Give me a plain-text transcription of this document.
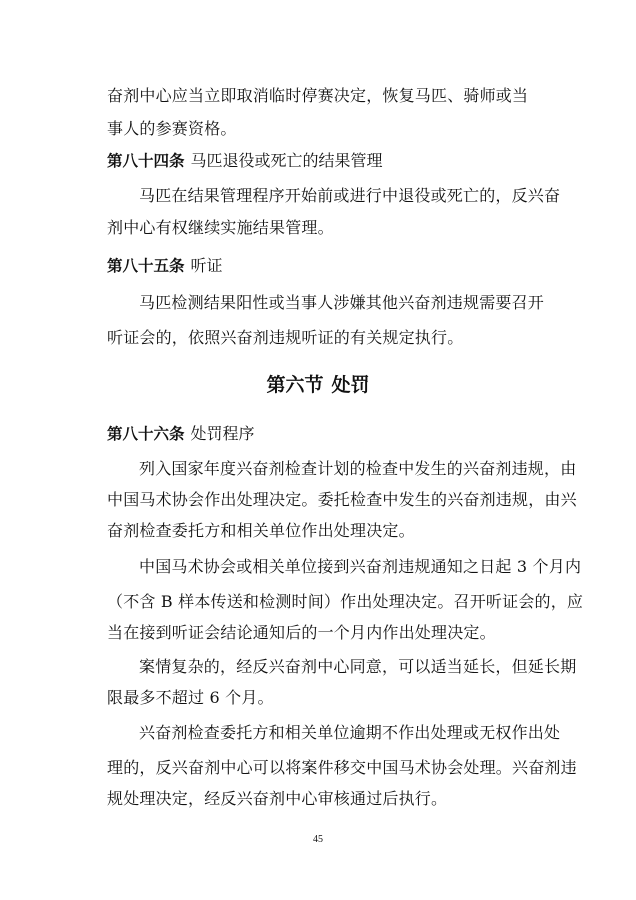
奋剂中心应当立即取消临时停赛决定，恢复马匹、骑师或当
事人的参赛资格。
第八十四条 马匹退役或死亡的结果管理
马匹在结果管理程序开始前或进行中退役或死亡的，反兴奋
剂中心有权继续实施结果管理。
第八十五条 听证
马匹检测结果阳性或当事人涉嫌其他兴奋剂违规需要召开
听证会的，依照兴奋剂违规听证的有关规定执行。
第六节 处罚
第八十六条 处罚程序
列入国家年度兴奋剂检查计划的检查中发生的兴奋剂违规，由
中国马术协会作出处理决定。委托检查中发生的兴奋剂违规，由兴
奋剂检查委托方和相关单位作出处理决定。
中国马术协会或相关单位接到兴奋剂违规通知之日起 3 个月内
（不含 B 样本传送和检测时间）作出处理决定。召开听证会的，应
当在接到听证会结论通知后的一个月内作出处理决定。
案情复杂的，经反兴奋剂中心同意，可以适当延长，但延长期
限最多不超过 6 个月。
兴奋剂检查委托方和相关单位逾期不作出处理或无权作出处
理的，反兴奋剂中心可以将案件移交中国马术协会处理。兴奋剂违
规处理决定，经反兴奋剂中心审核通过后执行。
45
